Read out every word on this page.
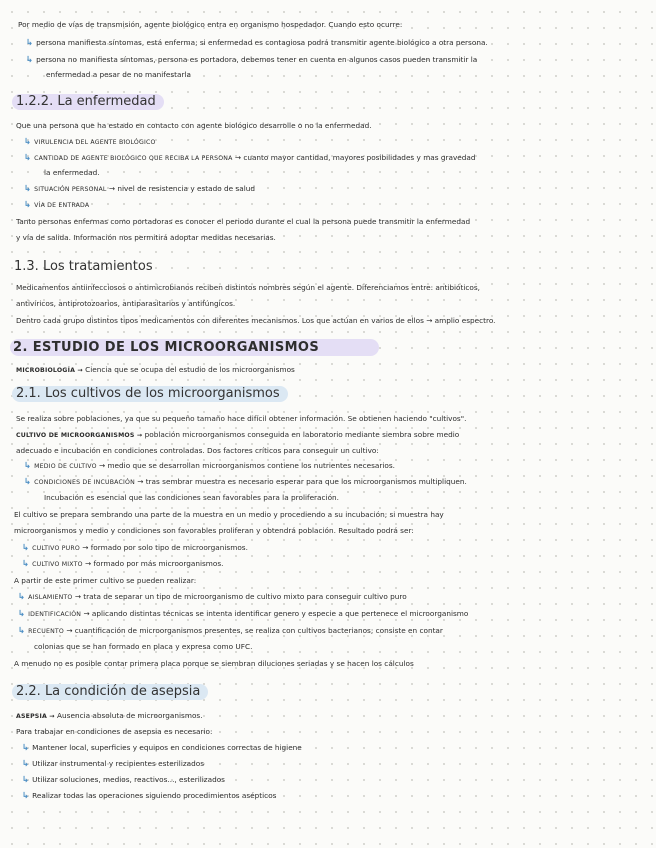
Por medio de vías de transmisión, agente biológico entra en organismo hospedador. Cuando esto ocurre:
↳ persona manifiesta síntomas, está enferma; si enfermedad es contagiosa podrá transmitir agente biológico a otra persona.
↳ persona no manifiesta síntomas, persona es portadora, debemos tener en cuenta en algunos casos pueden transmitir la
enfermedad a pesar de no manifestarla
1.2.2. La enfermedad
Que una persona que ha estado en contacto con agente biológico desarrolle o no la enfermedad.
↳ VIRULENCIA DEL AGENTE BIOLÓGICO
↳ CANTIDAD DE AGENTE BIOLÓGICO QUE RECIBA LA PERSONA → cuanto mayor cantidad, mayores posibilidades y mas gravedad
la enfermedad.
↳ SITUACIÓN PERSONAL → nivel de resistencia y estado de salud
↳ VÍA DE ENTRADA
Tanto personas enfermas como portadoras es conocer el periodo durante el cual la persona puede transmitir la enfermedad
y vía de salida. Información nos permitirá adoptar medidas necesarias.
1.3. Los tratamientos
Medicamentos antiinfecciosos o antimicrobianos reciben distintos nombres según el agente. Diferenciamos entre: antibióticos,
antivíricos, antiprotozoarios, antiparasitarios y antifúngicos.
Dentro cada grupo distintos tipos medicamentos con diferentes mecanismos. Los que actúan en varios de ellos → amplio espectro.
2. ESTUDIO DE LOS MICROORGANISMOS
MICROBIOLOGÍA → Ciencia que se ocupa del estudio de los microorganismos
2.1. Los cultivos de los microorganismos
Se realiza sobre poblaciones, ya que su pequeño tamaño hace difícil obtener información. Se obtienen haciendo "cultivos".
CULTIVO DE MICROORGANISMOS → población microorganismos conseguida en laboratorio mediante siembra sobre medio
adecuado e incubación en condiciones controladas. Dos factores críticos para conseguir un cultivo:
↳ MEDIO DE CULTIVO → medio que se desarrollan microorganismos contiene los nutrientes necesarios.
↳ CONDICIONES DE INCUBACIÓN → tras sembrar muestra es necesario esperar para que los microorganismos multipliquen.
Incubación es esencial que las condiciones sean favorables para la proliferación.
El cultivo se prepara sembrando una parte de la muestra en un medio y procediendo a su incubación; si muestra hay
microorganismos y medio y condiciones son favorables proliferan y obtendrá población. Resultado podrá ser:
↳ CULTIVO PURO → formado por solo tipo de microorganismos.
↳ CULTIVO MIXTO → formado por más microorganismos.
A partir de este primer cultivo se pueden realizar:
↳ AISLAMIENTO → trata de separar un tipo de microorganismo de cultivo mixto para conseguir cultivo puro
↳ IDENTIFICACIÓN → aplicando distintas técnicas se intenta identificar genero y especie a que pertenece el microorganismo
↳ RECUENTO → cuantificación de microorganismos presentes, se realiza con cultivos bacterianos; consiste en contar
colonias que se han formado en placa y expresa como UFC.
A menudo no es posible contar primera placa porque se siembran diluciones seriadas y se hacen los cálculos
2.2. La condición de asepsia
ASEPSIA → Ausencia absoluta de microorganismos.
Para trabajar en condiciones de asepsia es necesario:
↳ Mantener local, superficies y equipos en condiciones correctas de higiene
↳ Utilizar instrumental y recipientes esterilizados
↳ Utilizar soluciones, medios, reactivos..., esterilizados
↳ Realizar todas las operaciones siguiendo procedimientos asépticos
